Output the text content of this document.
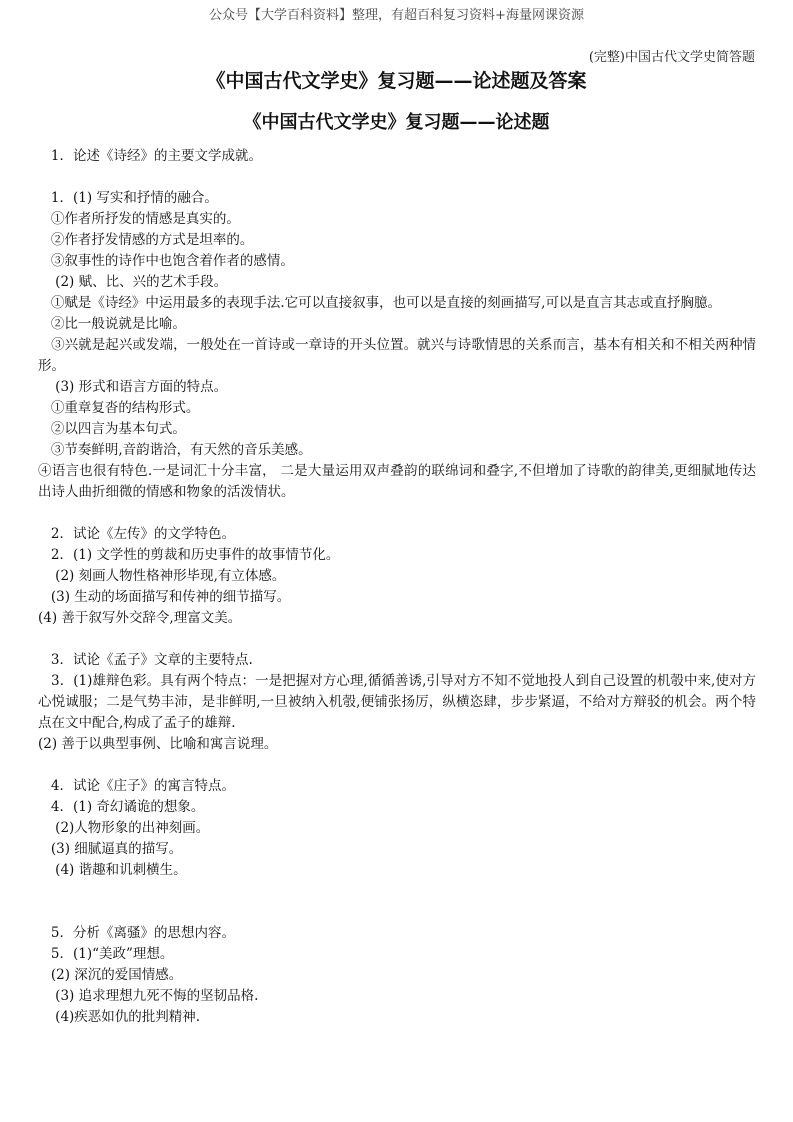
公众号【大学百科资料】整理，有超百科复习资料+海量网课资源
(完整)中国古代文学史简答题
《中国古代文学史》复习题——论述题及答案
《中国古代文学史》复习题——论述题

1．论述《诗经》的主要文学成就。

1．(1) 写实和抒情的融合。

①作者所抒发的情感是真实的。

②作者抒发情感的方式是坦率的。

③叙事性的诗作中也饱含着作者的感情。

(2) 赋、比、兴的艺术手段。

①赋是《诗经》中运用最多的表现手法.它可以直接叙事，也可以是直接的刻画描写,可以是直言其志或直抒胸臆。

②比一般说就是比喻。

③兴就是起兴或发端，一般处在一首诗或一章诗的开头位置。就兴与诗歌情思的关系而言，基本有相关和不相关两种情形。

(3) 形式和语言方面的特点。

①重章复沓的结构形式。

②以四言为基本句式。

③节奏鲜明,音韵谐洽，有天然的音乐美感。

④语言也很有特色.一是词汇十分丰富， 二是大量运用双声叠韵的联绵词和叠字,不但增加了诗歌的韵律美,更细腻地传达出诗人曲折细微的情感和物象的活泼情状。

2．试论《左传》的文学特色。

2．(1) 文学性的剪裁和历史事件的故事情节化。

(2) 刻画人物性格神形毕现,有立体感。

(3) 生动的场面描写和传神的细节描写。

(4) 善于叙写外交辞令,理富文美。

3．试论《孟子》文章的主要特点.

3．(1)雄辩色彩。具有两个特点：一是把握对方心理,循循善诱,引导对方不知不觉地投人到自己设置的机彀中来,使对方心悦诚服；二是气势丰沛，是非鲜明,一旦被纳入机彀,便铺张扬厉，纵横恣肆，步步紧逼，不给对方辩驳的机会。两个特点在文中配合,构成了孟子的雄辩.

(2) 善于以典型事例、比喻和寓言说理。

4．试论《庄子》的寓言特点。

4．(1) 奇幻谲诡的想象。

(2)人物形象的出神刻画。

(3) 细腻逼真的描写。

(4) 谐趣和讥刺横生。

5．分析《离骚》的思想内容。

5．(1)“美政”理想。

(2) 深沉的爱国情感。

(3) 追求理想九死不悔的坚韧品格.

(4)疾恶如仇的批判精神.
